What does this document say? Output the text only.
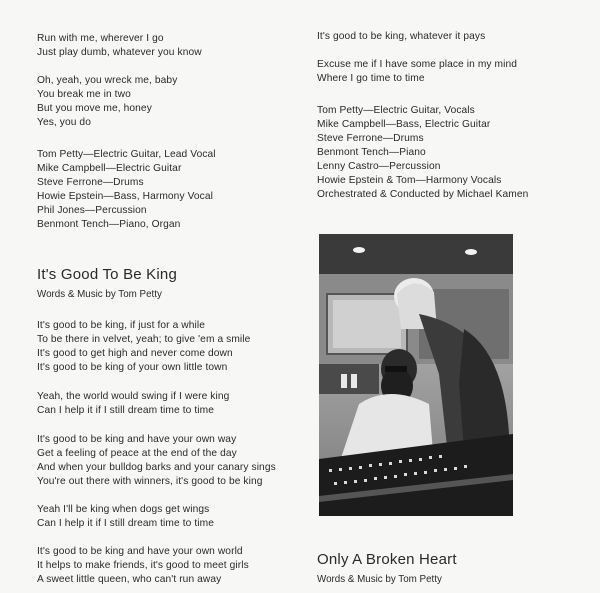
Run with me, wherever I go
Just play dumb, whatever you know
Oh, yeah, you wreck me, baby
You break me in two
But you move me, honey
Yes, you do
Tom Petty—Electric Guitar, Lead Vocal
Mike Campbell—Electric Guitar
Steve Ferrone—Drums
Howie Epstein—Bass, Harmony Vocal
Phil Jones—Percussion
Benmont Tench—Piano, Organ
It's Good To Be King
Words & Music by Tom Petty
It's good to be king, if just for a while
To be there in velvet, yeah; to give 'em a smile
It's good to get high and never come down
It's good to be king of your own little town
Yeah, the world would swing if I were king
Can I help it if I still dream time to time
It's good to be king and have your own way
Get a feeling of peace at the end of the day
And when your bulldog barks and your canary sings
You're out there with winners, it's good to be king
Yeah I'll be king when dogs get wings
Can I help it if I still dream time to time
It's good to be king and have your own world
It helps to make friends, it's good to meet girls
A sweet little queen, who can't run away
It's good to be king, whatever it pays
Excuse me if I have some place in my mind
Where I go time to time
Tom Petty—Electric Guitar, Vocals
Mike Campbell—Bass, Electric Guitar
Steve Ferrone—Drums
Benmont Tench—Piano
Lenny Castro—Percussion
Howie Epstein & Tom—Harmony Vocals
Orchestrated & Conducted by Michael Kamen
Only A Broken Heart
Words & Music by Tom Petty
